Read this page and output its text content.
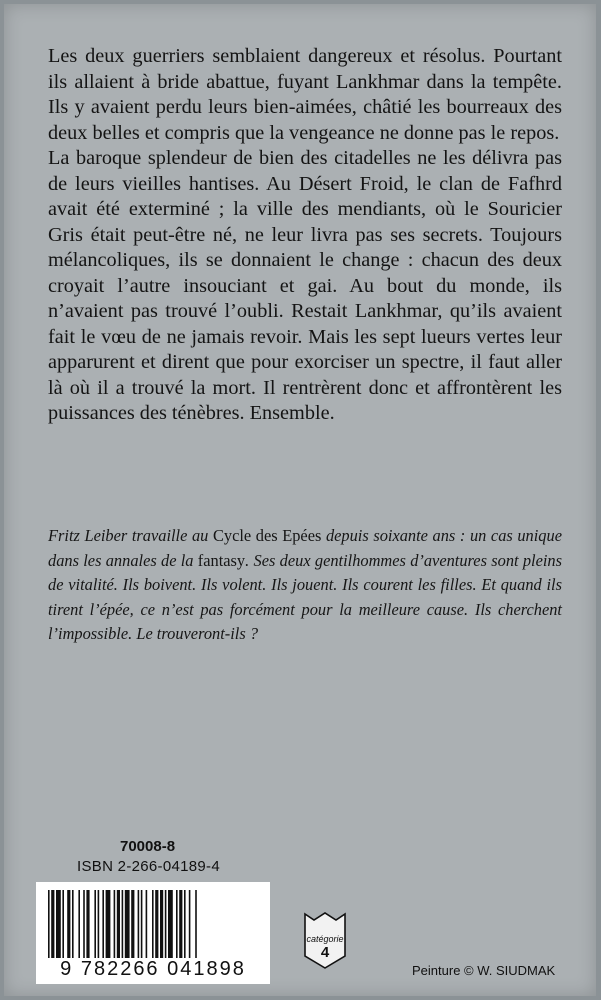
Les deux guerriers semblaient dangereux et résolus. Pourtant ils allaient à bride abattue, fuyant Lankhmar dans la tempête. Ils y avaient perdu leurs bien-aimées, châtié les bourreaux des deux belles et compris que la vengeance ne donne pas le repos.

La baroque splendeur de bien des citadelles ne les délivra pas de leurs vieilles hantises. Au Désert Froid, le clan de Fafhrd avait été exterminé ; la ville des mendiants, où le Souricier Gris était peut-être né, ne leur livra pas ses secrets. Toujours mélancoliques, ils se donnaient le change : chacun des deux croyait l’autre insouciant et gai. Au bout du monde, ils n’avaient pas trouvé l’oubli. Restait Lankhmar, qu’ils avaient fait le vœu de ne jamais revoir. Mais les sept lueurs vertes leur apparurent et dirent que pour exorciser un spectre, il faut aller là où il a trouvé la mort. Il rentrèrent donc et affrontèrent les puissances des ténèbres. Ensemble.

Fritz Leiber travaille au Cycle des Epées depuis soixante ans : un cas unique dans les annales de la fantasy. Ses deux gentilhommes d’aventures sont pleins de vitalité. Ils boivent. Ils volent. Ils jouent. Ils courent les filles. Et quand ils tirent l’épée, ce n’est pas forcément pour la meilleure cause. Ils cherchent l’impossible. Le trouveront-ils ?

70008-8
ISBN 2-266-04189-4
9 782266 041898
catégorie
4
Peinture © W. SIUDMAK
